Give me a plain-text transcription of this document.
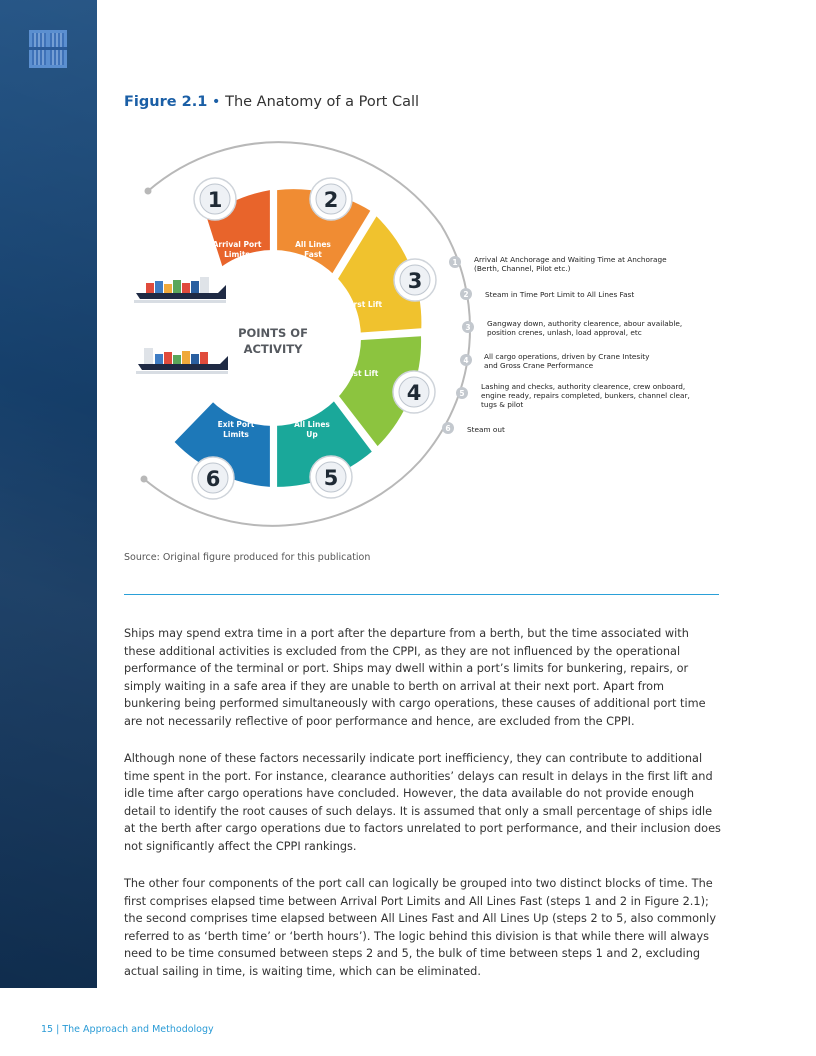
Figure 2.1 • The Anatomy of a Port Call
POINTS OF
ACTIVITY
Arrival Port
Limits
All Lines
Fast
First Lift
Last Lift
All Lines
Up
Exit Port
Limits
1	2
3
4
5
6
1 Arrival At Anchorage and Waiting Time at Anchorage
(Berth, Channel, Pilot etc.)
2 Steam in Time Port Limit to All Lines Fast
3 Gangway down, authority clearence, abour available,
position crenes, unlash, load approval, etc
4 All cargo operations, driven by Crane Intesity
and Gross Crane Performance
5
Lashing and checks, authority clearence, crew onboard,
engine ready, repairs completed, bunkers, channel clear,
tugs & pilot
6 Steam out
Source: Original figure produced for this publication

Ships may spend extra time in a port after the departure from a berth, but the time associated with these additional activities is excluded from the CPPI, as they are not influenced by the operational performance of the terminal or port. Ships may dwell within a port’s limits for bunkering, repairs, or simply waiting in a safe area if they are unable to berth on arrival at their next port. Apart from bunkering being performed simultaneously with cargo operations, these causes of additional port time are not necessarily reflective of poor performance and hence, are excluded from the CPPI.

Although none of these factors necessarily indicate port inefficiency, they can contribute to additional time spent in the port. For instance, clearance authorities’ delays can result in delays in the first lift and idle time after cargo operations have concluded. However, the data available do not provide enough detail to identify the root causes of such delays. It is assumed that only a small percentage of ships idle at the berth after cargo operations due to factors unrelated to port performance, and their inclusion does not significantly affect the CPPI rankings.

The other four components of the port call can logically be grouped into two distinct blocks of time. The first comprises elapsed time between Arrival Port Limits and All Lines Fast (steps 1 and 2 in Figure 2.1); the second comprises time elapsed between All Lines Fast and All Lines Up (steps 2 to 5, also commonly referred to as ‘berth time’ or ‘berth hours’). The logic behind this division is that while there will always need to be time consumed between steps 2 and 5, the bulk of time between steps 1 and 2, excluding actual sailing in time, is waiting time, which can be eliminated.

15 | The Approach and Methodology
